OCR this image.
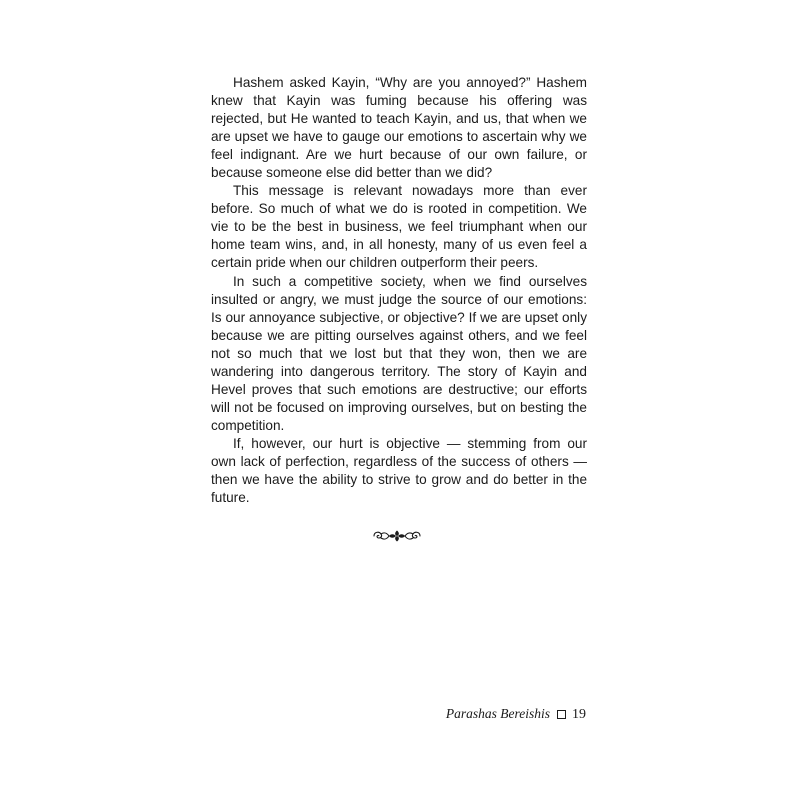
Hashem asked Kayin, “Why are you annoyed?” Hashem knew that Kayin was fuming because his offering was rejected, but He wanted to teach Kayin, and us, that when we are upset we have to gauge our emotions to ascertain why we feel indignant. Are we hurt because of our own failure, or because someone else did better than we did?

This message is relevant nowadays more than ever before. So much of what we do is rooted in competition. We vie to be the best in business, we feel triumphant when our home team wins, and, in all honesty, many of us even feel a certain pride when our children outperform their peers.

In such a competitive society, when we find ourselves insulted or angry, we must judge the source of our emotions: Is our annoyance subjective, or objective? If we are upset only because we are pitting ourselves against others, and we feel not so much that we lost but that they won, then we are wandering into dangerous territory. The story of Kayin and Hevel proves that such emotions are destructive; our efforts will not be focused on improving ourselves, but on besting the competition.

If, however, our hurt is objective — stemming from our own lack of perfection, regardless of the success of others — then we have the ability to strive to grow and do better in the future.

Parashas Bereishis 19
